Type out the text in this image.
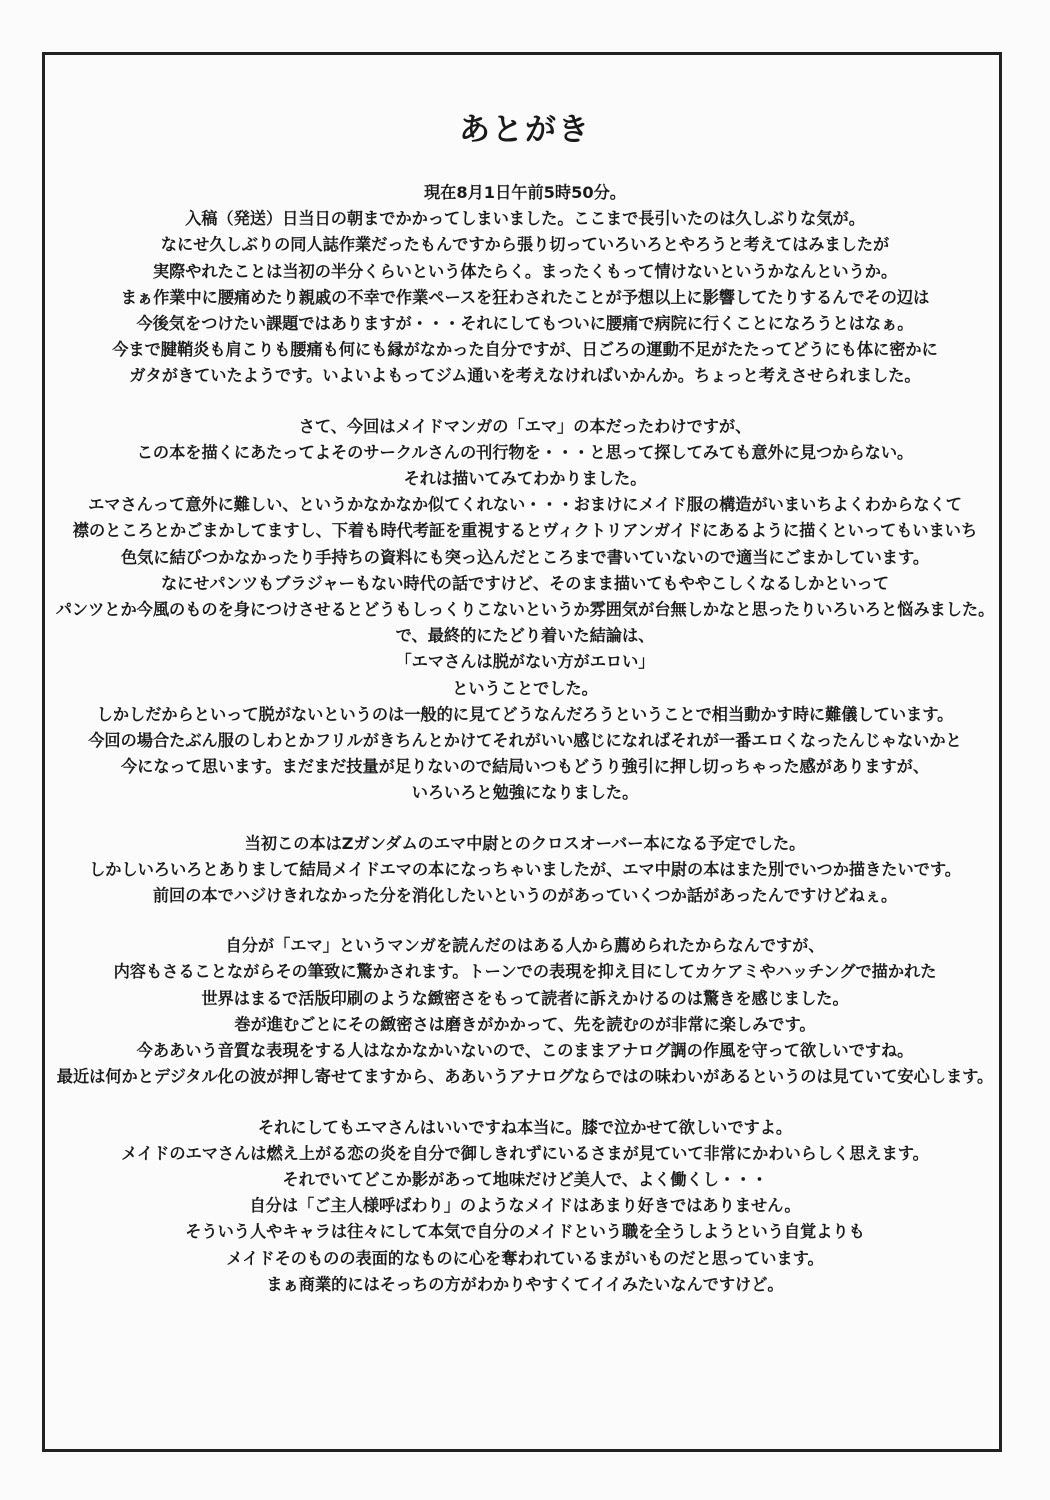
あとがき

現在8月1日午前5時50分。
入稿（発送）日当日の朝までかかってしまいました。ここまで長引いたのは久しぶりな気が。
なにせ久しぶりの同人誌作業だったもんですから張り切っていろいろとやろうと考えてはみましたが
実際やれたことは当初の半分くらいという体たらく。まったくもって情けないというかなんというか。
まぁ作業中に腰痛めたり親戚の不幸で作業ペースを狂わされたことが予想以上に影響してたりするんでその辺は
今後気をつけたい課題ではありますが・・・それにしてもついに腰痛で病院に行くことになろうとはなぁ。
今まで腱鞘炎も肩こりも腰痛も何にも縁がなかった自分ですが、日ごろの運動不足がたたってどうにも体に密かに
ガタがきていたようです。いよいよもってジム通いを考えなければいかんか。ちょっと考えさせられました。

さて、今回はメイドマンガの「エマ」の本だったわけですが、
この本を描くにあたってよそのサークルさんの刊行物を・・・と思って探してみても意外に見つからない。
それは描いてみてわかりました。
エマさんって意外に難しい、というかなかなか似てくれない・・・おまけにメイド服の構造がいまいちよくわからなくて
襟のところとかごまかしてますし、下着も時代考証を重視するとヴィクトリアンガイドにあるように描くといってもいまいち
色気に結びつかなかったり手持ちの資料にも突っ込んだところまで書いていないので適当にごまかしています。
なにせパンツもブラジャーもない時代の話ですけど、そのまま描いてもややこしくなるしかといって
パンツとか今風のものを身につけさせるとどうもしっくりこないというか雰囲気が台無しかなと思ったりいろいろと悩みました。
で、最終的にたどり着いた結論は、
「エマさんは脱がない方がエロい」
ということでした。
しかしだからといって脱がないというのは一般的に見てどうなんだろうということで相当動かす時に難儀しています。
今回の場合たぶん服のしわとかフリルがきちんとかけてそれがいい感じになればそれが一番エロくなったんじゃないかと
今になって思います。まだまだ技量が足りないので結局いつもどうり強引に押し切っちゃった感がありますが、
いろいろと勉強になりました。

当初この本はZガンダムのエマ中尉とのクロスオーバー本になる予定でした。
しかしいろいろとありまして結局メイドエマの本になっちゃいましたが、エマ中尉の本はまた別でいつか描きたいです。
前回の本でハジけきれなかった分を消化したいというのがあっていくつか話があったんですけどねぇ。

自分が「エマ」というマンガを読んだのはある人から薦められたからなんですが、
内容もさることながらその筆致に驚かされます。トーンでの表現を抑え目にしてカケアミやハッチングで描かれた
世界はまるで活版印刷のような緻密さをもって読者に訴えかけるのは驚きを感じました。
巻が進むごとにその緻密さは磨きがかかって、先を読むのが非常に楽しみです。
今ああいう音質な表現をする人はなかなかいないので、このままアナログ調の作風を守って欲しいですね。
最近は何かとデジタル化の波が押し寄せてますから、ああいうアナログならではの味わいがあるというのは見ていて安心します。

それにしてもエマさんはいいですね本当に。膝で泣かせて欲しいですよ。
メイドのエマさんは燃え上がる恋の炎を自分で御しきれずにいるさまが見ていて非常にかわいらしく思えます。
それでいてどこか影があって地味だけど美人で、よく働くし・・・
自分は「ご主人様呼ばわり」のようなメイドはあまり好きではありません。
そういう人やキャラは往々にして本気で自分のメイドという職を全うしようという自覚よりも
メイドそのものの表面的なものに心を奪われているまがいものだと思っています。
まぁ商業的にはそっちの方がわかりやすくてイイみたいなんですけど。
